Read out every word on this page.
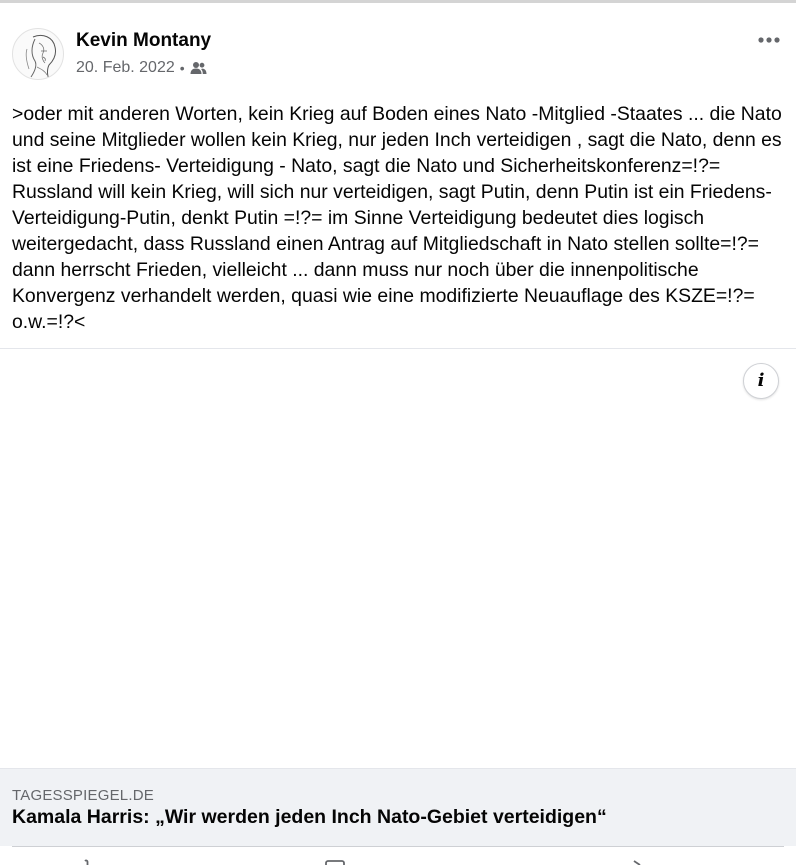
Kevin Montany
20. Feb. 2022 •
>oder mit anderen Worten, kein Krieg auf Boden eines Nato -Mitglied -Staates ... die Nato und seine Mitglieder wollen kein Krieg, nur jeden Inch verteidigen , sagt die Nato, denn es ist eine Friedens- Verteidigung - Nato, sagt die Nato und Sicherheitskonferenz=!?= Russland will kein Krieg, will sich nur verteidigen, sagt Putin, denn Putin ist ein Friedens- Verteidigung-Putin, denkt Putin =!?= im Sinne Verteidigung bedeutet dies logisch weitergedacht, dass Russland einen Antrag auf Mitgliedschaft in Nato stellen sollte=!?= dann herrscht Frieden, vielleicht ... dann muss nur noch über die innenpolitische  Konvergenz verhandelt werden, quasi wie eine modifizierte Neuauflage des KSZE=!?=  o.w.=!?<
i
TAGESSPIEGEL.DE
Kamala Harris: „Wir werden jeden Inch Nato-Gebiet verteidigen“
